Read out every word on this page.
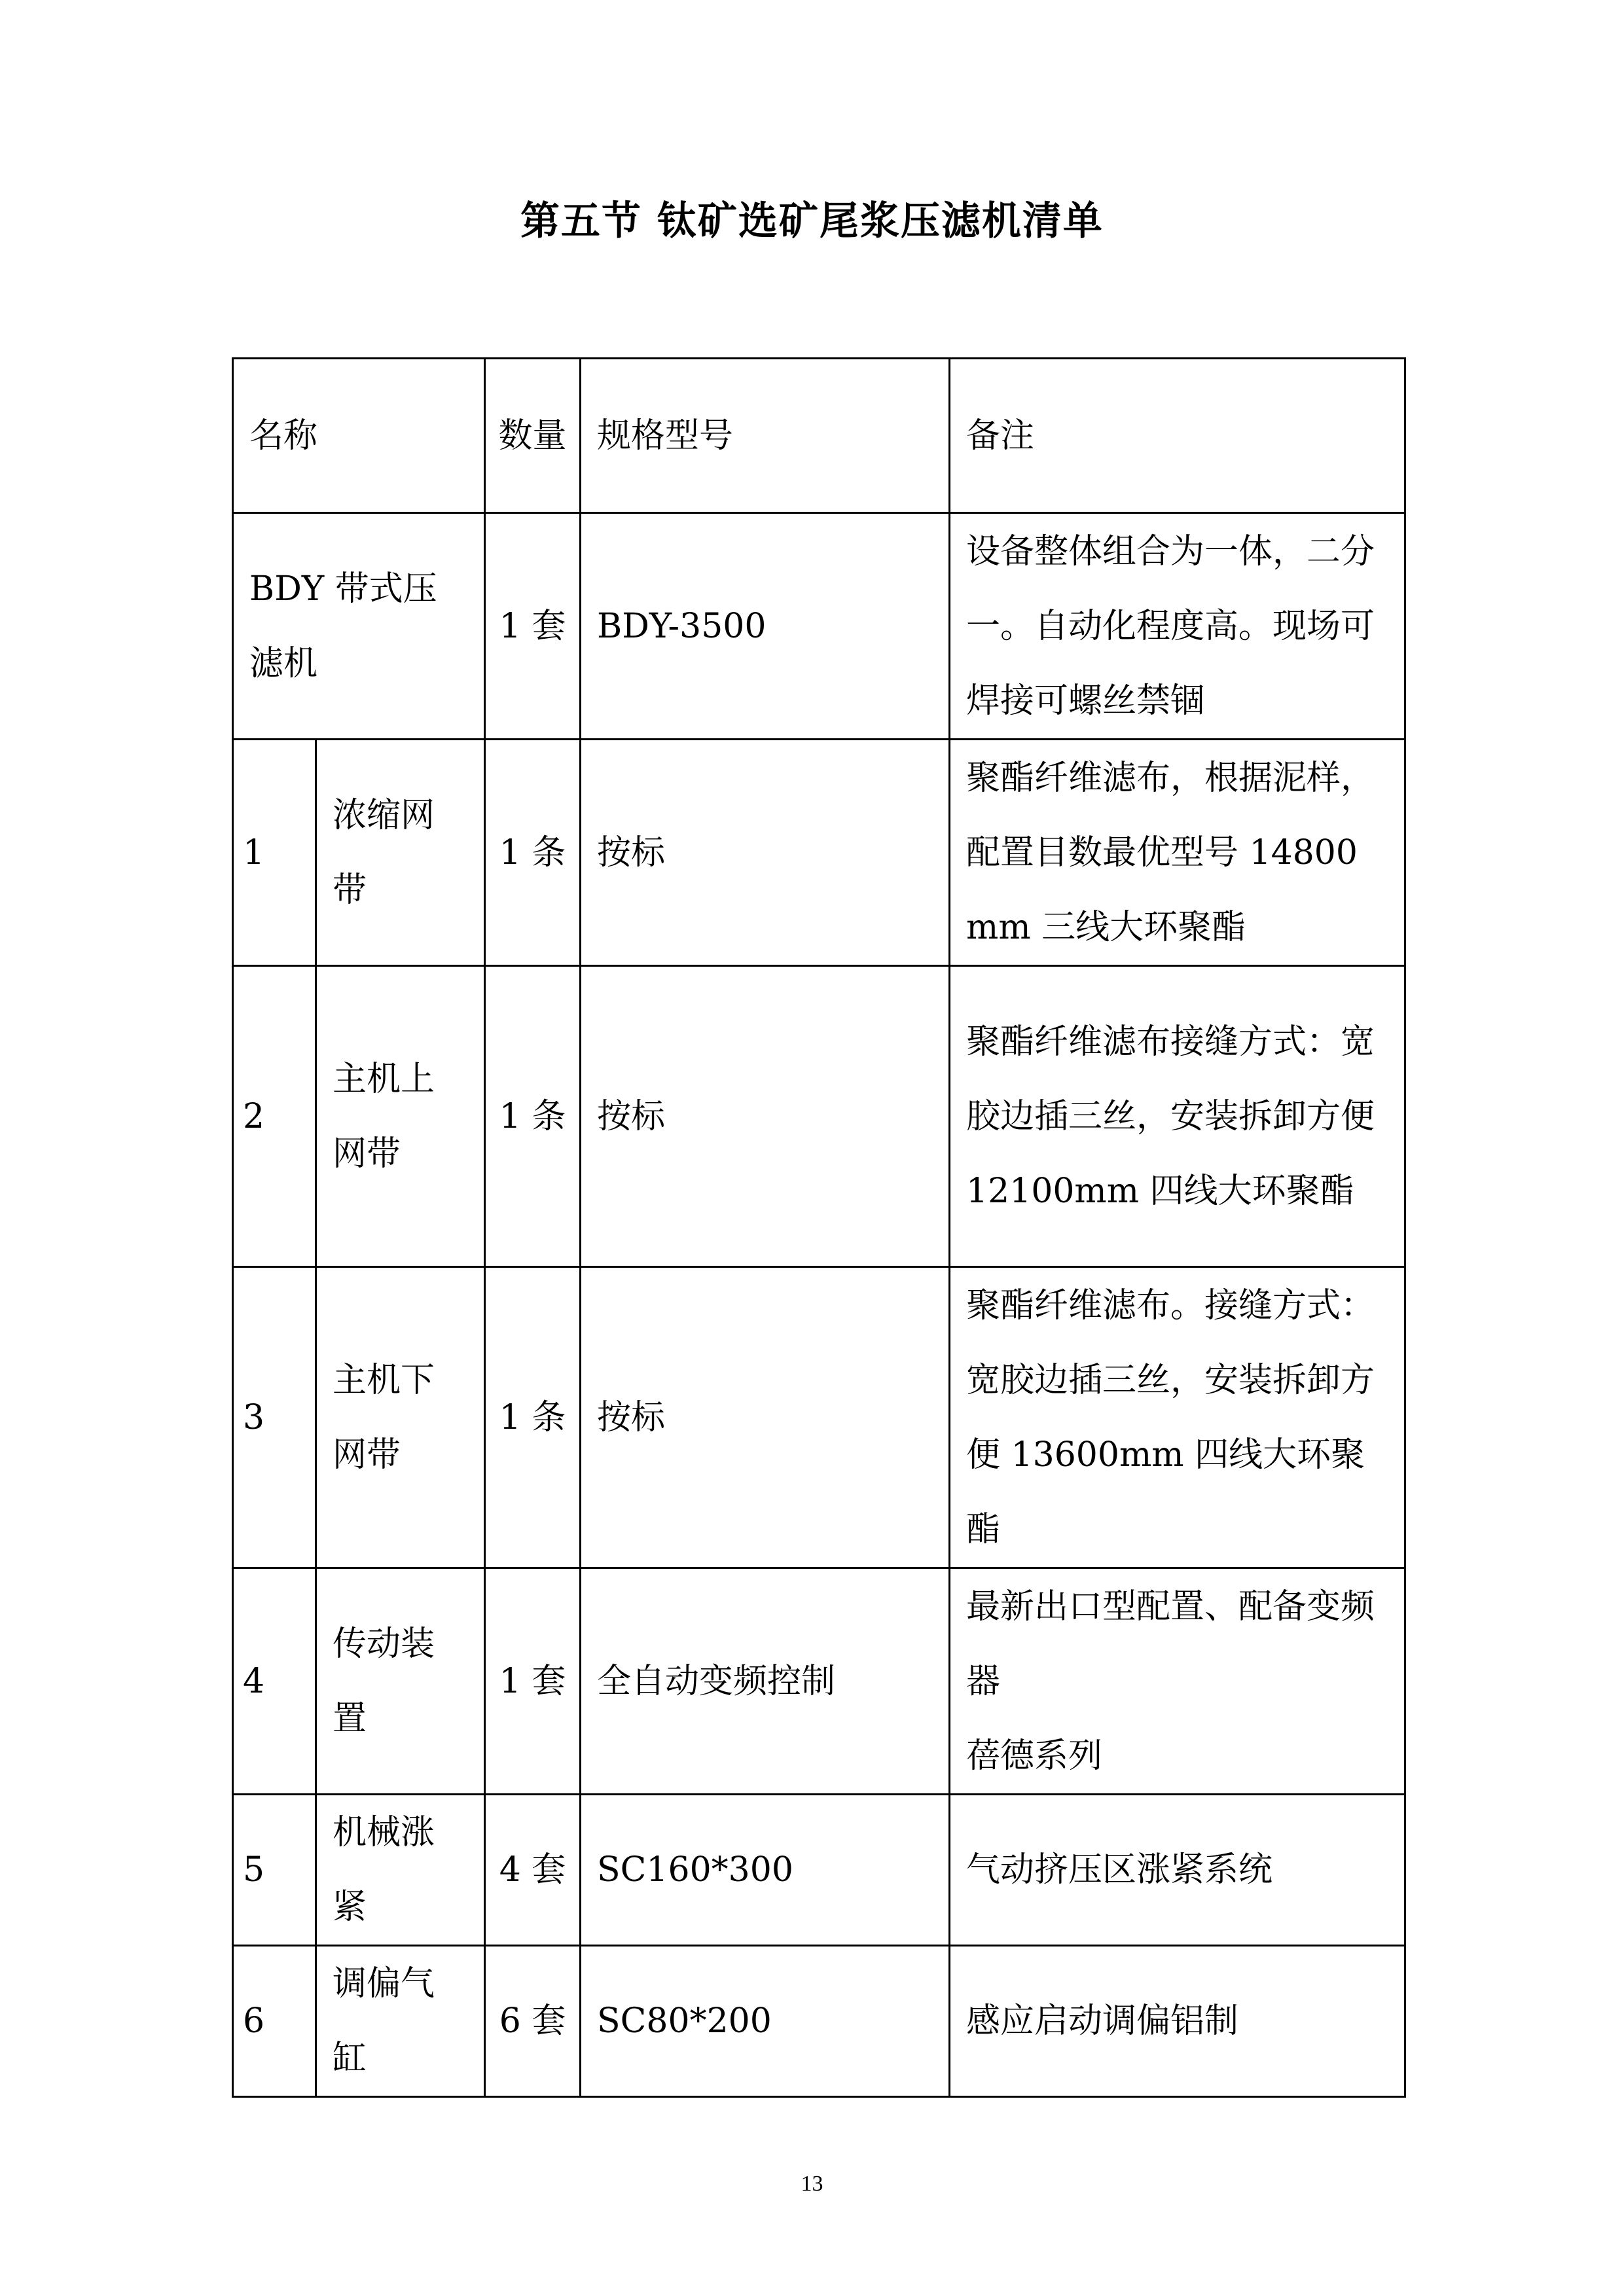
第五节 钛矿选矿尾浆压滤机清单
名称		数量	规格型号	备注
BDY 带式压滤机		1 套	BDY-3500	设备整体组合为一体，二分一。自动化程度高。现场可焊接可螺丝禁锢
1	浓缩网带	1 条	按标	聚酯纤维滤布，根据泥样，配置目数最优型号 14800mm 三线大环聚酯
2	主机上网带	1 条	按标	聚酯纤维滤布接缝方式：宽胶边插三丝，安装拆卸方便 12100mm 四线大环聚酯
3	主机下网带	1 条	按标	聚酯纤维滤布。接缝方式：宽胶边插三丝，安装拆卸方便 13600mm 四线大环聚酯
4	传动装置	1 套	全自动变频控制	最新出口型配置、配备变频器
蓓德系列

5	机械涨紧	4 套	SC160*300	气动挤压区涨紧系统
6	调偏气缸	6 套	SC80*200	感应启动调偏铝制
13
